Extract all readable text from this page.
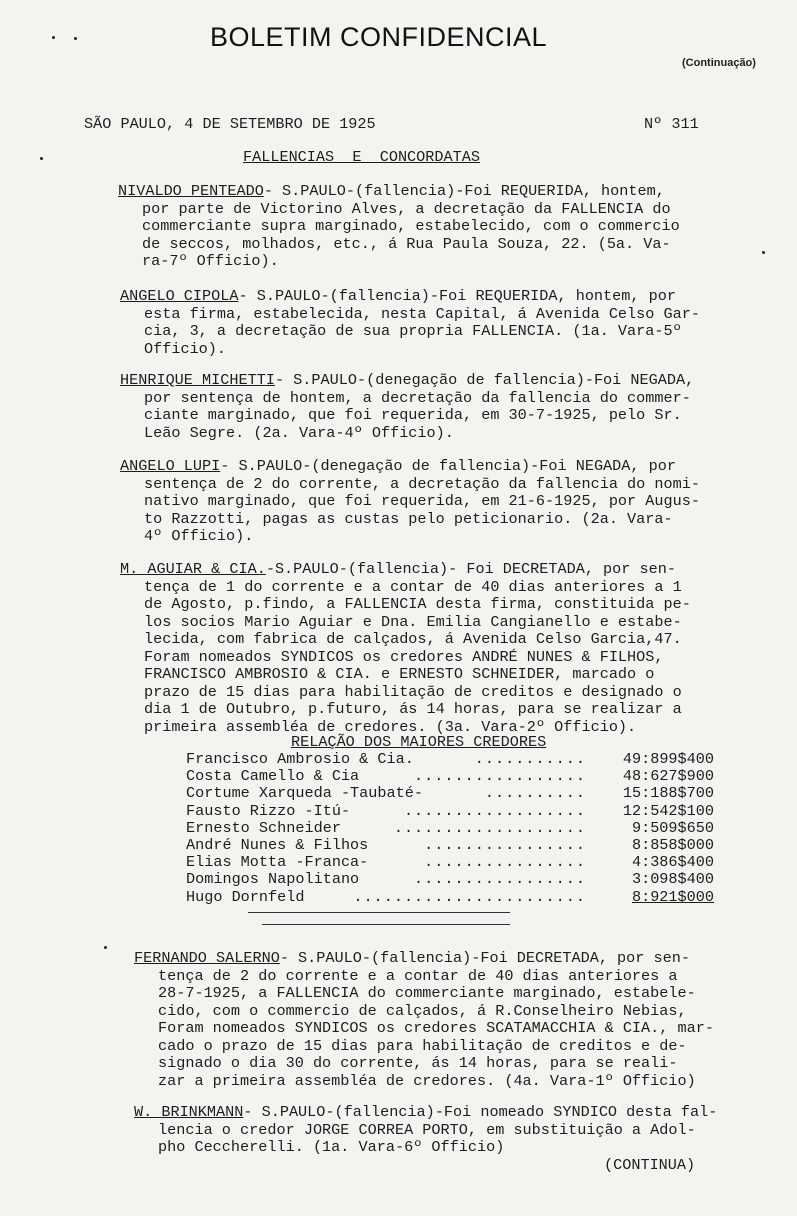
BOLETIM CONFIDENCIAL
(Continuação)
SÃO PAULO, 4 DE SETEMBRO DE 1925	Nº 311
FALLENCIAS  E  CONCORDATAS
NIVALDO PENTEADO- S.PAULO-(fallencia)-Foi REQUERIDA, hontem,
por parte de Victorino Alves, a decretação da FALLENCIA do
commerciante supra marginado, estabelecido, com o commercio
de seccos, molhados, etc., á Rua Paula Souza, 22. (5a. Va-
ra-7º Officio).
ANGELO CIPOLA- S.PAULO-(fallencia)-Foi REQUERIDA, hontem, por
esta firma, estabelecida, nesta Capital, á Avenida Celso Gar-
cia, 3, a decretação de sua propria FALLENCIA. (1a. Vara-5º
Officio).
HENRIQUE MICHETTI- S.PAULO-(denegação de fallencia)-Foi NEGADA,
por sentença de hontem, a decretação da fallencia do commer-
ciante marginado, que foi requerida, em 30-7-1925, pelo Sr.
Leão Segre. (2a. Vara-4º Officio).
ANGELO LUPI- S.PAULO-(denegação de fallencia)-Foi NEGADA, por
sentença de 2 do corrente, a decretação da fallencia do nomi-
nativo marginado, que foi requerida, em 21-6-1925, por Augus-
to Razzotti, pagas as custas pelo peticionario. (2a. Vara-
4º Officio).
M. AGUIAR & CIA.-S.PAULO-(fallencia)- Foi DECRETADA, por sen-
tença de 1 do corrente e a contar de 40 dias anteriores a 1
de Agosto, p.findo, a FALLENCIA desta firma, constituida pe-
los socios Mario Aguiar e Dna. Emilia Cangianello e estabe-
lecida, com fabrica de calçados, á Avenida Celso Garcia,47.
Foram nomeados SYNDICOS os credores ANDRÉ NUNES & FILHOS,
FRANCISCO AMBROSIO & CIA. e ERNESTO SCHNEIDER, marcado o
prazo de 15 dias para habilitação de creditos e designado o
dia 1 de Outubro, p.futuro, ás 14 horas, para se realizar a
primeira assembléa de credores. (3a. Vara-2º Officio).
RELAÇÃO DOS MAIORES CREDORES
...........
Francisco Ambrosio & Cia.	49:899$400
.................
Costa Camello & Cia	48:627$900
..........
Cortume Xarqueda -Taubaté-	15:188$700
..................
Fausto Rizzo -Itú-	12:542$100
...................
Ernesto Schneider	9:509$650
................
André Nunes & Filhos	8:858$000
................
Elias Motta -Franca-	4:386$400
.................
Domingos Napolitano	3:098$400
.......................
Hugo Dornfeld	8:921$000
FERNANDO SALERNO- S.PAULO-(fallencia)-Foi DECRETADA, por sen-
tença de 2 do corrente e a contar de 40 dias anteriores a
28-7-1925, a FALLENCIA do commerciante marginado, estabele-
cido, com o commercio de calçados, á R.Conselheiro Nebias,
Foram nomeados SYNDICOS os credores SCATAMACCHIA & CIA., mar-
cado o prazo de 15 dias para habilitação de creditos e de-
signado o dia 30 do corrente, ás 14 horas, para se reali-
zar a primeira assembléa de credores. (4a. Vara-1º Officio)
W. BRINKMANN- S.PAULO-(fallencia)-Foi nomeado SYNDICO desta fal-
lencia o credor JORGE CORREA PORTO, em substituição a Adol-
pho Ceccherelli. (1a. Vara-6º Officio)
(CONTINUA)
